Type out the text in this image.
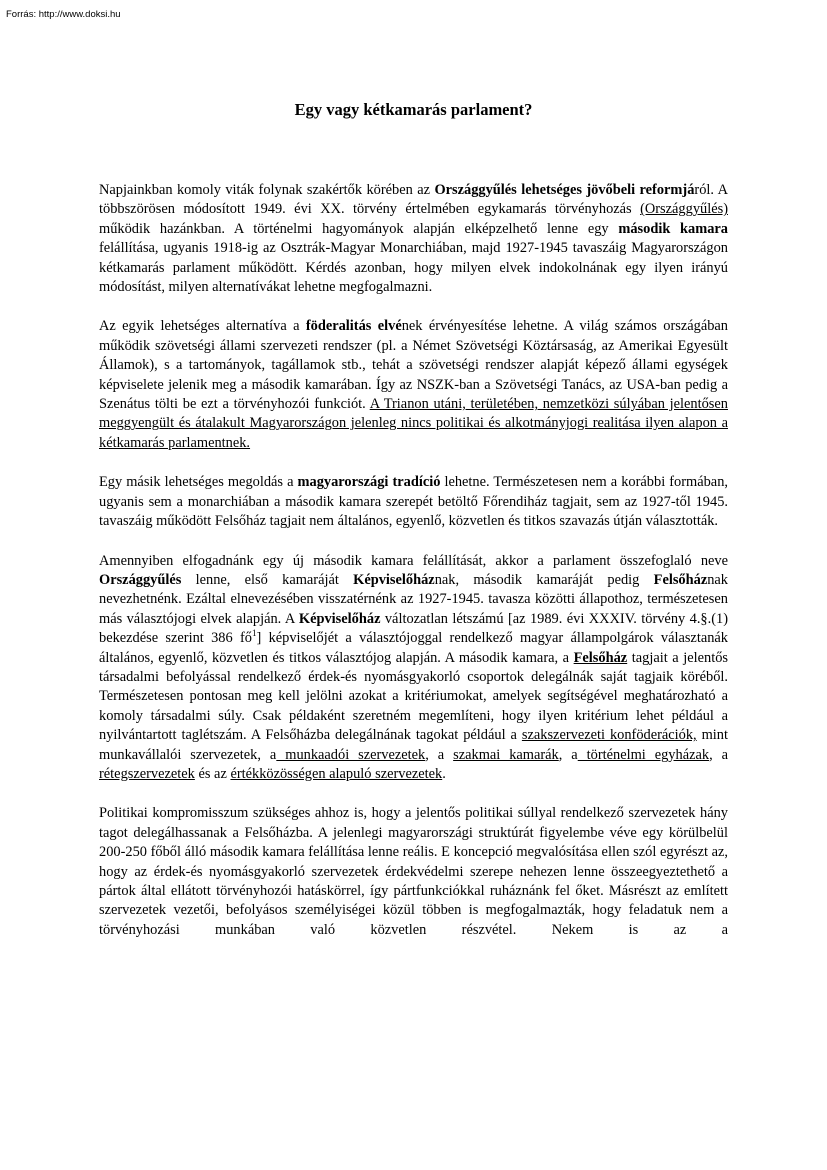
Forrás: http://www.doksi.hu
Egy vagy kétkamarás parlament?

Napjainkban komoly viták folynak szakértők körében az Országgyűlés lehetséges jövőbeli reformjáról. A többszörösen módosított 1949. évi XX. törvény értelmében egykamarás törvényhozás (Országgyűlés) működik hazánkban. A történelmi hagyományok alapján elképzelhető lenne egy második kamara felállítása, ugyanis 1918-ig az Osztrák-Magyar Monarchiában, majd 1927-1945 tavaszáig Magyarországon kétkamarás parlament működött. Kérdés azonban, hogy milyen elvek indokolnának egy ilyen irányú módosítást, milyen alternatívákat lehetne megfogalmazni.

Az egyik lehetséges alternatíva a föderalitás elvének érvényesítése lehetne. A világ számos országában működik szövetségi állami szervezeti rendszer (pl. a Német Szövetségi Köztársaság, az Amerikai Egyesült Államok), s a tartományok, tagállamok stb., tehát a szövetségi rendszer alapját képező állami egységek képviselete jelenik meg a második kamarában. Így az NSZK-ban a Szövetségi Tanács, az USA-ban pedig a Szenátus tölti be ezt a törvényhozói funkciót. A Trianon utáni, területében, nemzetközi súlyában jelentősen meggyengült és átalakult Magyarországon jelenleg nincs politikai és alkotmányjogi realitása ilyen alapon a kétkamarás parlamentnek.

Egy másik lehetséges megoldás a magyarországi tradíció lehetne. Természetesen nem a korábbi formában, ugyanis sem a monarchiában a második kamara szerepét betöltő Főrendiház tagjait, sem az 1927-től 1945. tavaszáig működött Felsőház tagjait nem általános, egyenlő, közvetlen és titkos szavazás útján választották.

Amennyiben elfogadnánk egy új második kamara felállítását, akkor a parlament összefoglaló neve Országgyűlés lenne, első kamaráját Képviselőháznak, második kamaráját pedig Felsőháznak nevezhetnénk. Ezáltal elnevezésében visszatérnénk az 1927-1945. tavasza közötti állapothoz, természetesen más választójogi elvek alapján. A Képviselőház változatlan létszámú [az 1989. évi XXXIV. törvény 4.§.(1) bekezdése szerint 386 $fő^1$] képviselőjét a választójoggal rendelkező magyar állampolgárok választanák általános, egyenlő, közvetlen és titkos választójog alapján. A második kamara, a Felsőház tagjait a jelentős társadalmi befolyással rendelkező érdek-és nyomásgyakorló csoportok delegálnák saját tagjaik köréből. Természetesen pontosan meg kell jelölni azokat a kritériumokat, amelyek segítségével meghatározható a komoly társadalmi súly. Csak példaként szeretném megemlíteni, hogy ilyen kritérium lehet például a nyilvántartott taglétszám. A Felsőházba delegálnának tagokat például a szakszervezeti konföderációk, mint munkavállalói szervezetek, a munkaadói szervezetek, a szakmai kamarák, a történelmi egyházak, a rétegszervezetek és az értékközösségen alapuló szervezetek.

Politikai kompromisszum szükséges ahhoz is, hogy a jelentős politikai súllyal rendelkező szervezetek hány tagot delegálhassanak a Felsőházba. A jelenlegi magyarországi struktúrát figyelembe véve egy körülbelül 200-250 főből álló második kamara felállítása lenne reális. E koncepció megvalósítása ellen szól egyrészt az, hogy az érdek-és nyomásgyakorló szervezetek érdekvédelmi szerepe nehezen lenne összeegyeztethető a pártok által ellátott törvényhozói hatáskörrel, így pártfunkciókkal ruháznánk fel őket. Másrészt az említett szervezetek vezetői, befolyásos személyiségei közül többen is megfogalmazták, hogy feladatuk nem a törvényhozási munkában való közvetlen részvétel. Nekem is az a
